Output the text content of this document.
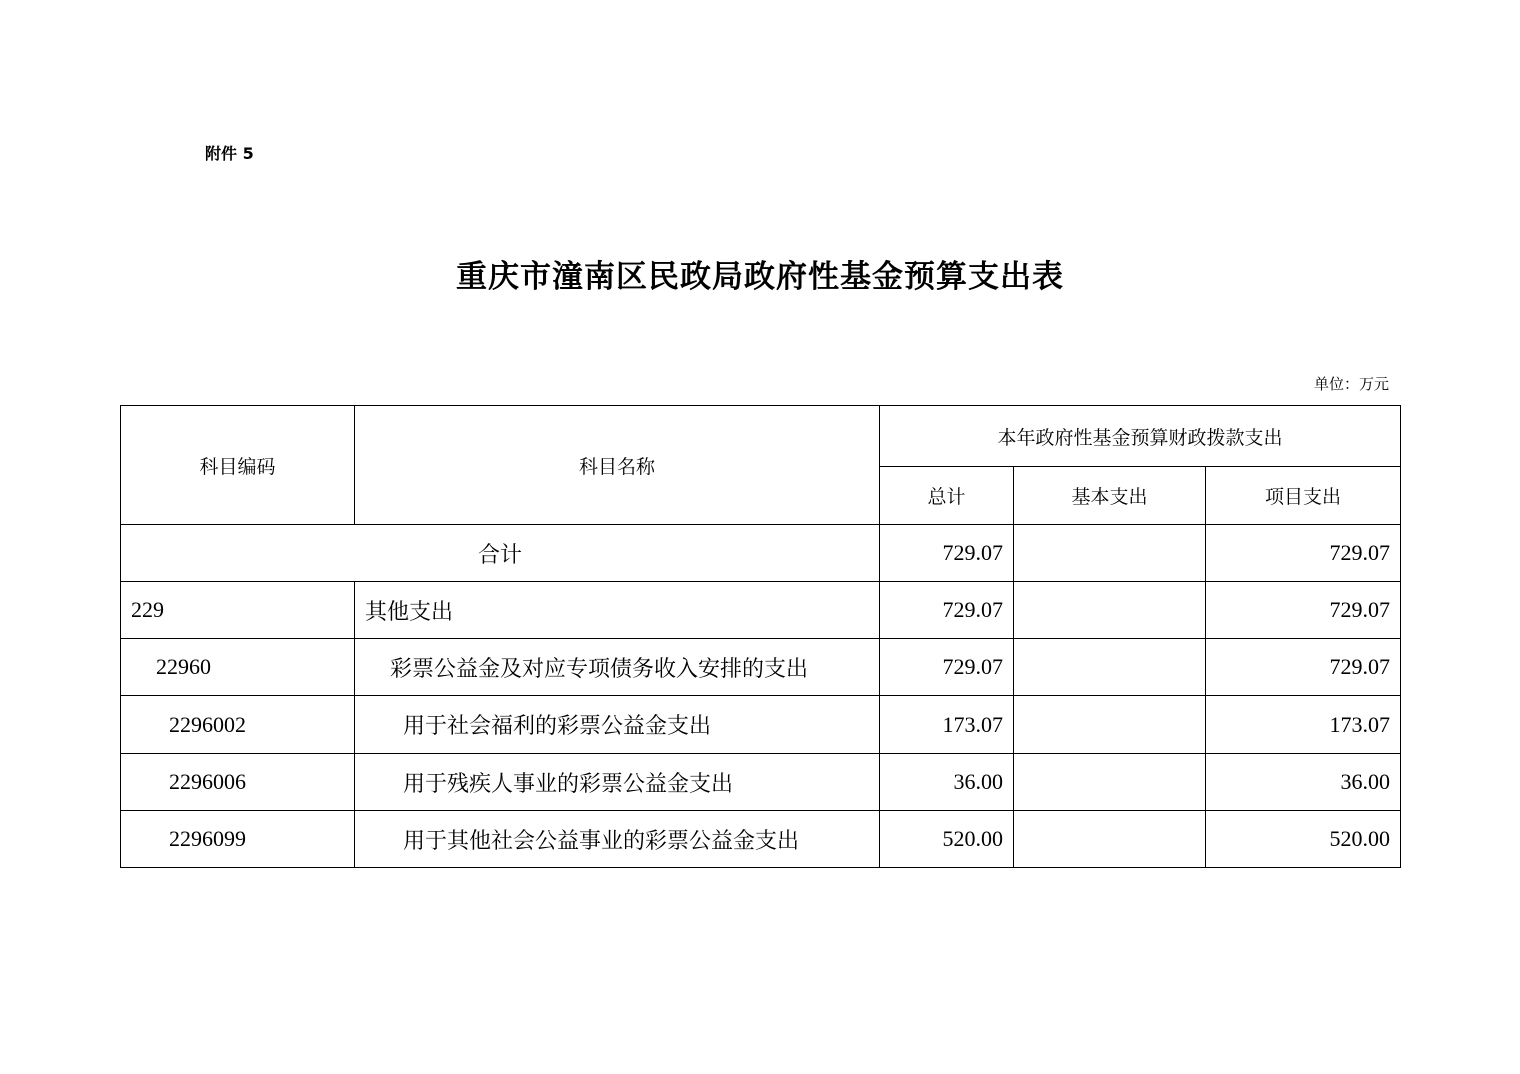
附件 5
重庆市潼南区民政局政府性基金预算支出表
单位：万元
科目编码	科目名称	本年政府性基金预算财政拨款支出		
		总计	基本支出	项目支出
合计		729.07		729.07
229	其他支出	729.07		729.07
22960	彩票公益金及对应专项债务收入安排的支出	729.07		729.07
2296002	用于社会福利的彩票公益金支出	173.07		173.07
2296006	用于残疾人事业的彩票公益金支出	36.00		36.00
2296099	用于其他社会公益事业的彩票公益金支出	520.00		520.00
